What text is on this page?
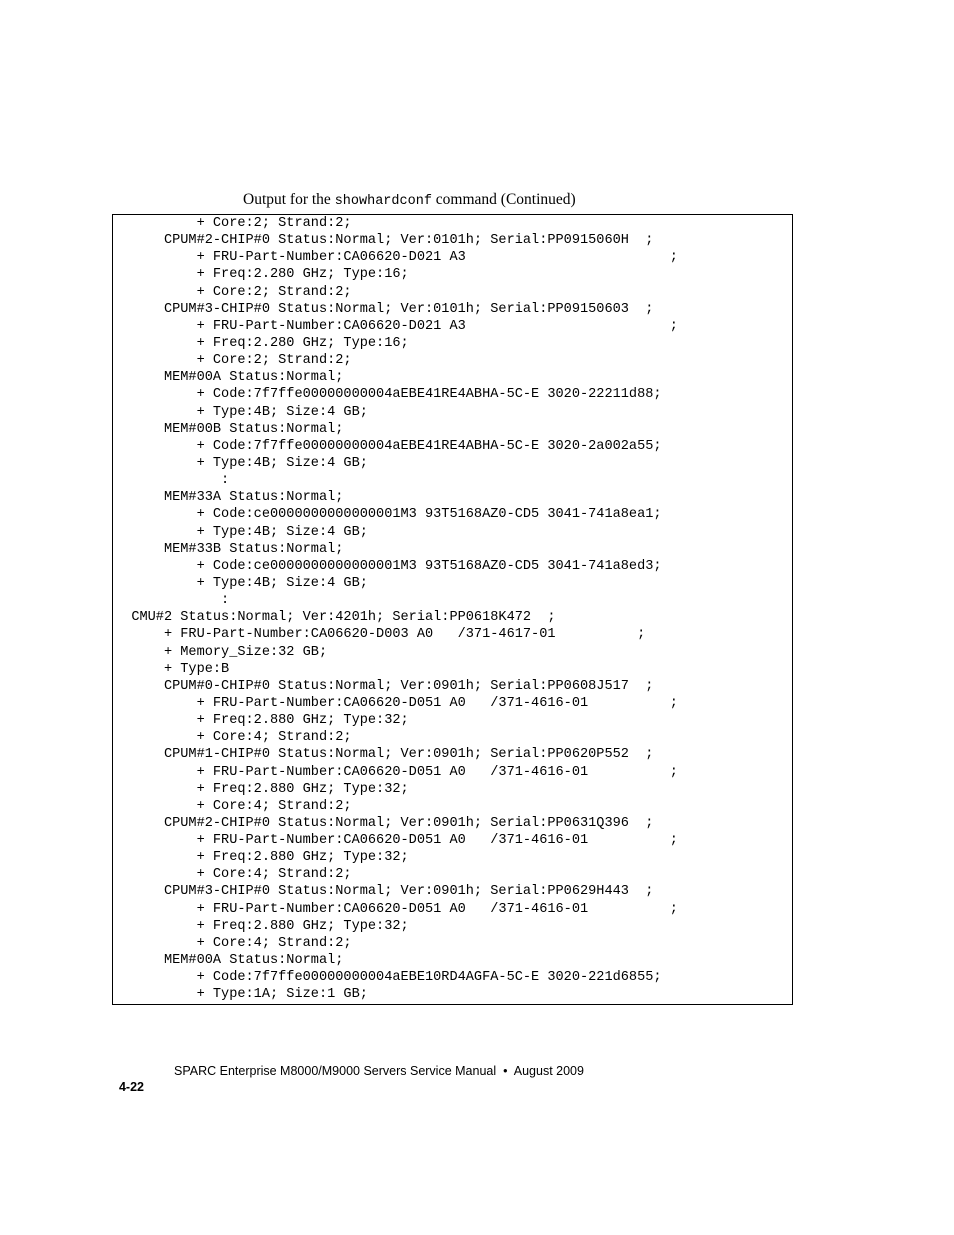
Output for the showhardconf command (Continued)
+ Core:2; Strand:2;
CPUM#2-CHIP#0 Status:Normal; Ver:0101h; Serial:PP0915060H  ;
+ FRU-Part-Number:CA06620-D021 A3                         ;
+ Freq:2.280 GHz; Type:16;
+ Core:2; Strand:2;
CPUM#3-CHIP#0 Status:Normal; Ver:0101h; Serial:PP09150603  ;
+ FRU-Part-Number:CA06620-D021 A3                         ;
+ Freq:2.280 GHz; Type:16;
+ Core:2; Strand:2;
MEM#00A Status:Normal;
+ Code:7f7ffe00000000004aEBE41RE4ABHA-5C-E 3020-22211d88;
+ Type:4B; Size:4 GB;
MEM#00B Status:Normal;
+ Code:7f7ffe00000000004aEBE41RE4ABHA-5C-E 3020-2a002a55;
+ Type:4B; Size:4 GB;
:
MEM#33A Status:Normal;
+ Code:ce0000000000000001M3 93T5168AZ0-CD5 3041-741a8ea1;
+ Type:4B; Size:4 GB;
MEM#33B Status:Normal;
+ Code:ce0000000000000001M3 93T5168AZ0-CD5 3041-741a8ed3;
+ Type:4B; Size:4 GB;
:
CMU#2 Status:Normal; Ver:4201h; Serial:PP0618K472  ;
+ FRU-Part-Number:CA06620-D003 A0   /371-4617-01          ;
+ Memory_Size:32 GB;
+ Type:B
CPUM#0-CHIP#0 Status:Normal; Ver:0901h; Serial:PP0608J517  ;
+ FRU-Part-Number:CA06620-D051 A0   /371-4616-01          ;
+ Freq:2.880 GHz; Type:32;
+ Core:4; Strand:2;
CPUM#1-CHIP#0 Status:Normal; Ver:0901h; Serial:PP0620P552  ;
+ FRU-Part-Number:CA06620-D051 A0   /371-4616-01          ;
+ Freq:2.880 GHz; Type:32;
+ Core:4; Strand:2;
CPUM#2-CHIP#0 Status:Normal; Ver:0901h; Serial:PP0631Q396  ;
+ FRU-Part-Number:CA06620-D051 A0   /371-4616-01          ;
+ Freq:2.880 GHz; Type:32;
+ Core:4; Strand:2;
CPUM#3-CHIP#0 Status:Normal; Ver:0901h; Serial:PP0629H443  ;
+ FRU-Part-Number:CA06620-D051 A0   /371-4616-01          ;
+ Freq:2.880 GHz; Type:32;
+ Core:4; Strand:2;
MEM#00A Status:Normal;
+ Code:7f7ffe00000000004aEBE10RD4AGFA-5C-E 3020-221d6855;
+ Type:1A; Size:1 GB;

4-22

SPARC Enterprise M8000/M9000 Servers Service Manual • August 2009
